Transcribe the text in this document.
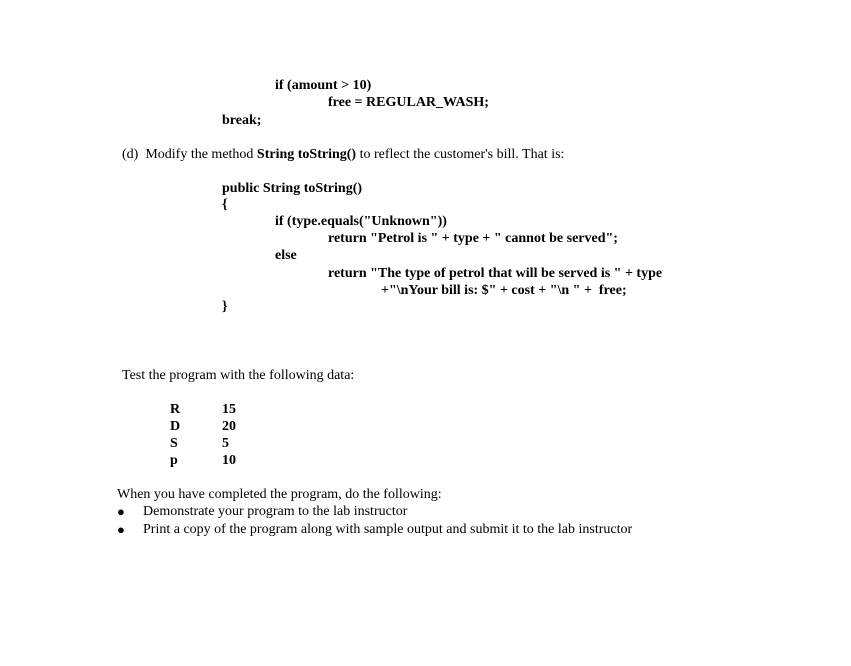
if (amount > 10)
free = REGULAR_WASH;
break;
(d)  Modify the method String toString() to reflect the customer's bill. That is:
public String toString()
{
if (type.equals("Unknown"))
return "Petrol is " + type + " cannot be served";
else
return "The type of petrol that will be served is " + type
+"\nYour bill is: $" + cost + "\n " +  free;
}
Test the program with the following data:
R	15
D	20
S	5
p	10
When you have completed the program, do the following:
● Demonstrate your program to the lab instructor
● Print a copy of the program along with sample output and submit it to the lab instructor
